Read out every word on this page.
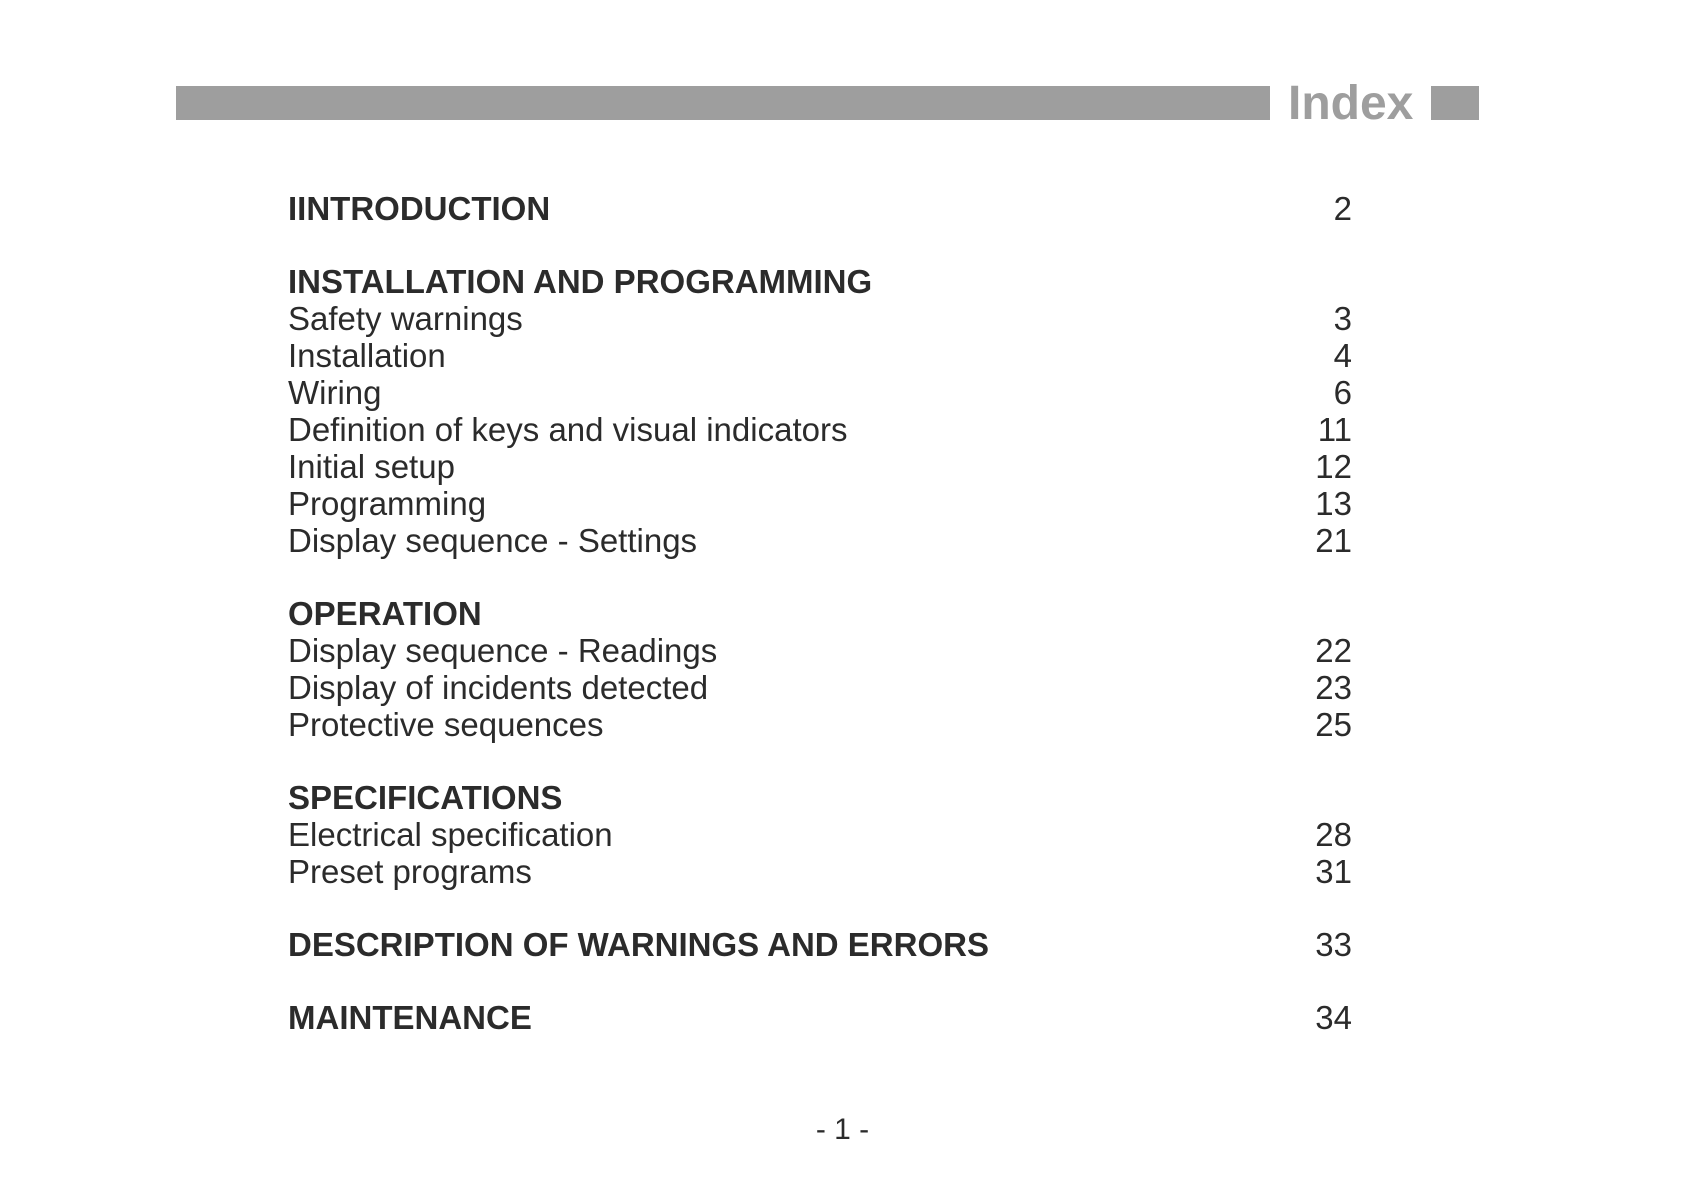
Index
IINTRODUCTION	2
INSTALLATION AND PROGRAMMING
Safety warnings	3
Installation	4
Wiring	6
Definition of keys and visual indicators	11
Initial setup	12
Programming	13
Display sequence - Settings	21
OPERATION
Display sequence - Readings	22
Display of incidents detected	23
Protective sequences	25
SPECIFICATIONS
Electrical specification	28
Preset programs	31
DESCRIPTION OF WARNINGS AND ERRORS	33
MAINTENANCE	34
- 1 -
